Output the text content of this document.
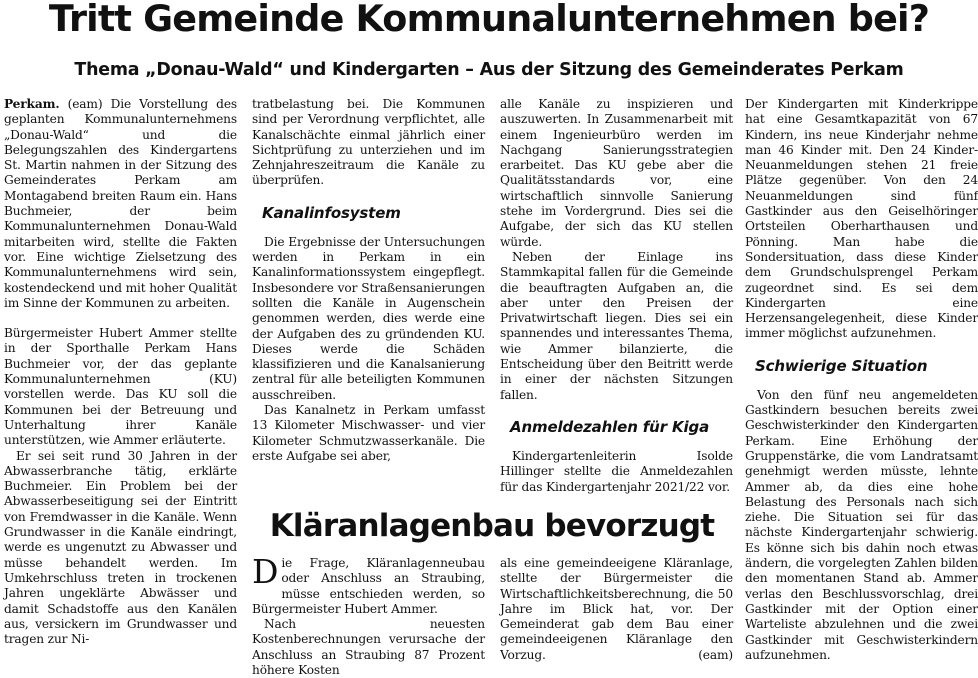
Tritt Gemeinde Kommunalunternehmen bei?
Thema „Donau-Wald“ und Kindergarten – Aus der Sitzung des Gemeinderates Perkam

Perkam. (eam) Die Vorstellung des geplanten Kommunalunternehmens „Donau-Wald“ und die Belegungszahlen des Kindergartens St. Martin nahmen in der Sitzung des Gemeinderates Perkam am Montagabend breiten Raum ein. Hans Buchmeier, der beim Kommunalunternehmen Donau-Wald mitarbeiten wird, stellte die Fakten vor. Eine wichtige Zielsetzung des Kommunalunternehmens wird sein, kostendeckend und mit hoher Qualität im Sinne der Kommunen zu arbeiten.

Bürgermeister Hubert Ammer stellte in der Sporthalle Perkam Hans Buchmeier vor, der das geplante Kommunalunternehmen (KU) vorstellen werde. Das KU soll die Kommunen bei der Betreuung und Unterhaltung ihrer Kanäle unterstützen, wie Ammer erläuterte.

Er sei seit rund 30 Jahren in der Abwasserbranche tätig, erklärte Buchmeier. Ein Problem bei der Abwasserbeseitigung sei der Eintritt von Fremdwasser in die Kanäle. Wenn Grundwasser in die Kanäle eindringt, werde es ungenutzt zu Abwasser und müsse behandelt werden. Im Umkehrschluss treten in trockenen Jahren ungeklärte Abwässer und damit Schadstoffe aus den Kanälen aus, versickern im Grundwasser und tragen zur Ni-

tratbelastung bei. Die Kommunen sind per Verordnung verpflichtet, alle Kanalschächte einmal jährlich einer Sichtprüfung zu unterziehen und im Zehnjahreszeitraum die Kanäle zu überprüfen.

Kanalinfosystem

Die Ergebnisse der Untersuchungen werden in Perkam in ein Kanalinformationssystem eingepflegt. Insbesondere vor Straßensanierungen sollten die Kanäle in Augenschein genommen werden, dies werde eine der Aufgaben des zu gründenden KU. Dieses werde die Schäden klassifizieren und die Kanalsanierung zentral für alle beteiligten Kommunen ausschreiben.

Das Kanalnetz in Perkam umfasst 13 Kilometer Mischwasser- und vier Kilometer Schmutzwasserkanäle. Die erste Aufgabe sei aber,

alle Kanäle zu inspizieren und auszuwerten. In Zusammenarbeit mit einem Ingenieurbüro werden im Nachgang Sanierungsstrategien erarbeitet. Das KU gebe aber die Qualitätsstandards vor, eine wirtschaftlich sinnvolle Sanierung stehe im Vordergrund. Dies sei die Aufgabe, der sich das KU stellen würde.

Neben der Einlage ins Stammkapital fallen für die Gemeinde die beauftragten Aufgaben an, die aber unter den Preisen der Privatwirtschaft liegen. Dies sei ein spannendes und interessantes Thema, wie Ammer bilanzierte, die Entscheidung über den Beitritt werde in einer der nächsten Sitzungen fallen.

Anmeldezahlen für Kiga

Kindergartenleiterin Isolde Hillinger stellte die Anmeldezahlen für das Kindergartenjahr 2021/22 vor.

Der Kindergarten mit Kinderkrippe hat eine Gesamtkapazität von 67 Kindern, ins neue Kinderjahr nehme man 46 Kinder mit. Den 24 Kinder-Neuanmeldungen stehen 21 freie Plätze gegenüber. Von den 24 Neuanmeldungen sind fünf Gastkinder aus den Geiselhöringer Ortsteilen Oberharthausen und Pönning. Man habe die Sondersituation, dass diese Kinder dem Grundschulsprengel Perkam zugeordnet sind. Es sei dem Kindergarten eine Herzensangelegenheit, diese Kinder immer möglichst aufzunehmen.

Schwierige Situation

Von den fünf neu angemeldeten Gastkindern besuchen bereits zwei Geschwisterkinder den Kindergarten Perkam. Eine Erhöhung der Gruppenstärke, die vom Landratsamt genehmigt werden müsste, lehnte Ammer ab, da dies eine hohe Belastung des Personals nach sich ziehe. Die Situation sei für das nächste Kindergartenjahr schwierig. Es könne sich bis dahin noch etwas ändern, die vorgelegten Zahlen bilden den momentanen Stand ab. Ammer verlas den Beschlussvorschlag, drei Gastkinder mit der Option einer Warteliste abzulehnen und die zwei Gastkinder mit Geschwisterkindern aufzunehmen.

Kläranlagenbau bevorzugt

Die Frage, Kläranlagenneubau oder Anschluss an Straubing, müsse entschieden werden, so Bürgermeister Hubert Ammer.

Nach neuesten Kostenberechnungen verursache der Anschluss an Straubing 87 Prozent höhere Kosten

als eine gemeindeeigene Kläranlage, stellte der Bürgermeister die Wirtschaftlichkeitsberechnung, die 50 Jahre im Blick hat, vor. Der Gemeinderat gab dem Bau einer gemeindeeigenen Kläranlage den Vorzug.	(eam)
